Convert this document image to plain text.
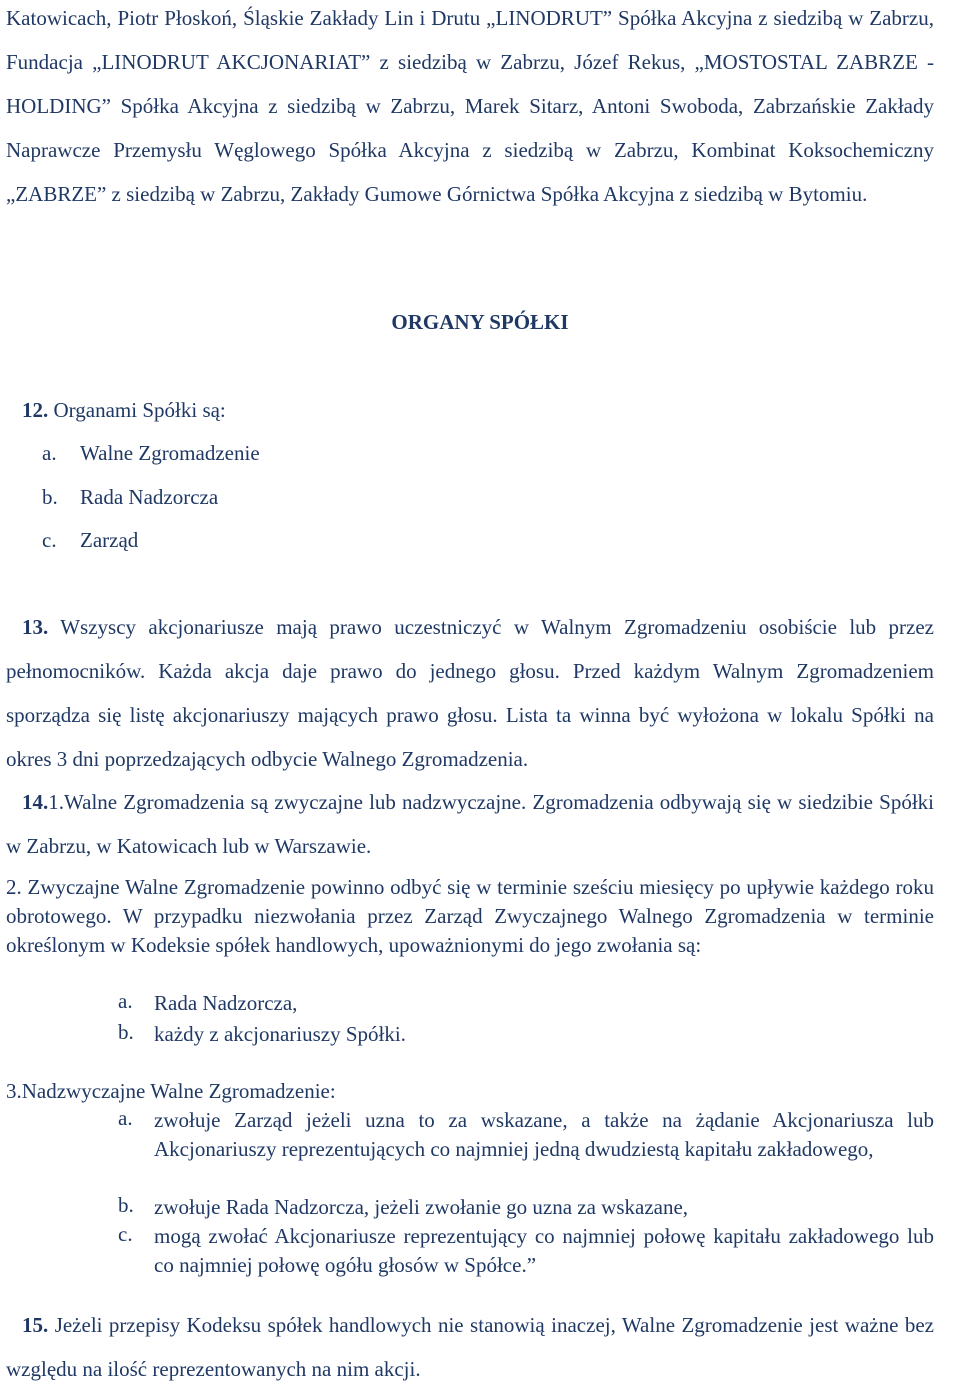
Katowicach, Piotr Płoskoń, Śląskie Zakłady Lin i Drutu „LINODRUT” Spółka Akcyjna z siedzibą w Zabrzu, Fundacja „LINODRUT AKCJONARIAT” z siedzibą w Zabrzu, Józef Rekus, „MOSTOSTAL ZABRZE - HOLDING” Spółka Akcyjna z siedzibą w Zabrzu, Marek Sitarz, Antoni Swoboda, Zabrzańskie Zakłady Naprawcze Przemysłu Węglowego Spółka Akcyjna z siedzibą w Zabrzu, Kombinat Koksochemiczny „ZABRZE” z siedzibą w Zabrzu, Zakłady Gumowe Górnictwa Spółka Akcyjna z siedzibą w Bytomiu.

ORGANY SPÓŁKI
12. Organami Spółki są:
a. Walne Zgromadzenie
b. Rada Nadzorcza
c. Zarząd

13. Wszyscy akcjonariusze mają prawo uczestniczyć w Walnym Zgromadzeniu osobiście lub przez pełnomocników. Każda akcja daje prawo do jednego głosu. Przed każdym Walnym Zgromadzeniem sporządza się listę akcjonariuszy mających prawo głosu. Lista ta winna być wyłożona w lokalu Spółki na okres 3 dni poprzedzających odbycie Walnego Zgromadzenia.

14.1.Walne Zgromadzenia są zwyczajne lub nadzwyczajne. Zgromadzenia odbywają się w siedzibie Spółki w Zabrzu, w Katowicach lub w Warszawie.

2. Zwyczajne Walne Zgromadzenie powinno odbyć się w terminie sześciu miesięcy po upływie każdego roku obrotowego. W przypadku niezwołania przez Zarząd Zwyczajnego Walnego Zgromadzenia w terminie określonym w Kodeksie spółek handlowych, upoważnionymi do jego zwołania są:

a.	Rada Nadzorcza,
b. każdy z akcjonariuszy Spółki.

3.Nadzwyczajne Walne Zgromadzenie:

a.	zwołuje Zarząd jeżeli uzna to za wskazane, a także na żądanie Akcjonariusza lub Akcjonariuszy reprezentujących co najmniej jedną dwudziestą kapitału zakładowego,
b. zwołuje Rada Nadzorcza, jeżeli zwołanie go uzna za wskazane,
c.	mogą zwołać Akcjonariusze reprezentujący co najmniej połowę kapitału zakładowego lub co najmniej połowę ogółu głosów w Spółce.”

15. Jeżeli przepisy Kodeksu spółek handlowych nie stanowią inaczej, Walne Zgromadzenie jest ważne bez względu na ilość reprezentowanych na nim akcji.
